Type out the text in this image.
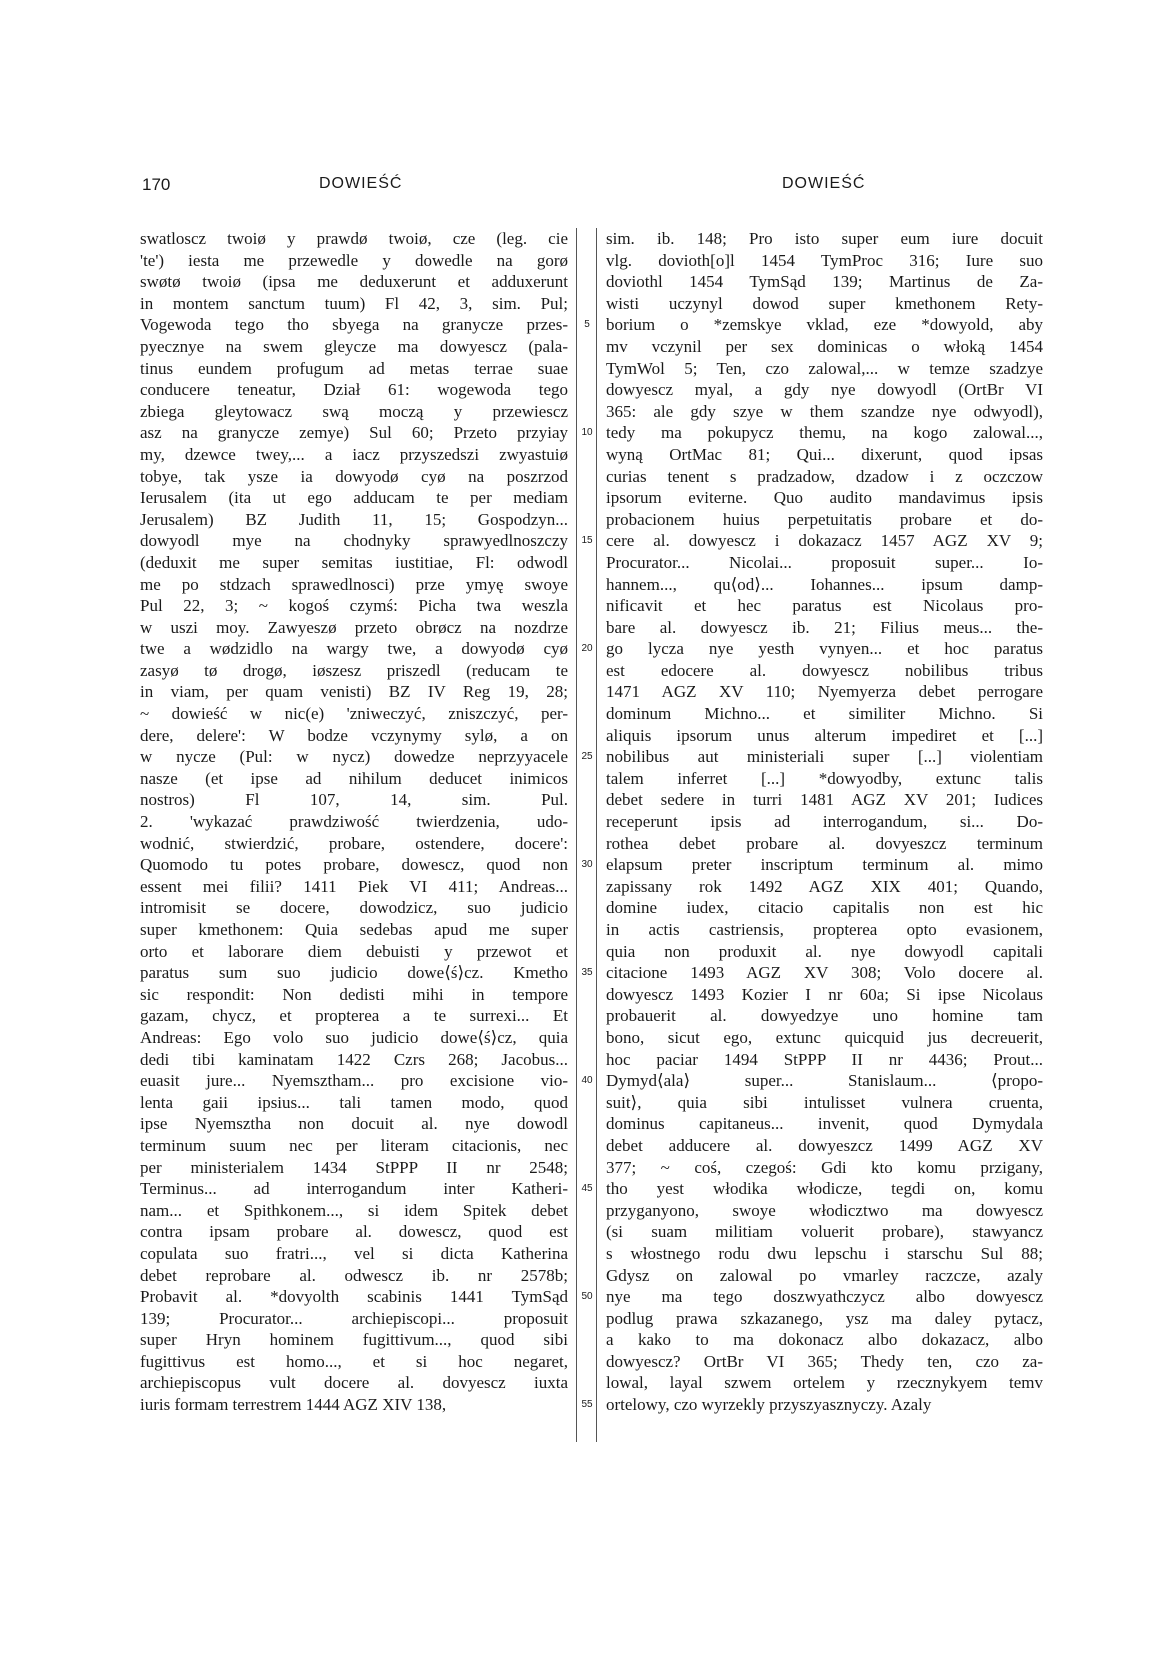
170	DOWIEŚĆ	DOWIEŚĆ
swatloscz twoiø y prawdø twoiø, cze (leg. cie
'te') iesta me przewedle y dowedle na gorø
swøtø twoiø (ipsa me deduxerunt et adduxerunt
in montem sanctum tuum) Fl 42, 3, sim. Pul;
Vogewoda tego tho sbyega na granycze przes-
pyecznye na swem gleycze ma dowyescz (pala-
tinus eundem profugum ad metas terrae suae
conducere teneatur, Dział 61: wogewoda tego
zbiega gleytowacz swą moczą y przewiescz
asz na granycze zemye) Sul 60; Przeto przyiay
my, dzewce twey,... a iacz przyszedszi zwyastuiø
tobye, tak ysze ia dowyodø cyø na poszrzod
Ierusalem (ita ut ego adducam te per mediam
Jerusalem) BZ Judith 11, 15; Gospodzyn...
dowyodl mye na chodnyky sprawyedlnoszczy
(deduxit me super semitas iustitiae, Fl: odwodl
me po stdzach sprawedlnosci) prze ymyę swoye
Pul 22, 3; ~ kogoś czymś: Picha twa weszla
w uszi moy. Zawyeszø przeto obrøcz na nozdrze
twe a wødzidlo na wargy twe, a dowyodø cyø
zasyø tø drogø, iøszesz priszedl (reducam te
in viam, per quam venisti) BZ IV Reg 19, 28;
~ dowieść w nic(e) 'zniweczyć, zniszczyć, per-
dere, delere': W bodze vczynymy sylø, a on
w nycze (Pul: w nycz) dowedze neprzyyacele
nasze (et ipse ad nihilum deducet inimicos
nostros) Fl 107, 14, sim. Pul.
2. 'wykazać prawdziwość twierdzenia, udo-
wodnić, stwierdzić, probare, ostendere, docere':
Quomodo tu potes probare, dowescz, quod non
essent mei filii? 1411 Piek VI 411; Andreas...
intromisit se docere, dowodzicz, suo judicio
super kmethonem: Quia sedebas apud me super
orto et laborare diem debuisti y przewot et
paratus sum suo judicio dowe⟨ś⟩cz. Kmetho
sic respondit: Non dedisti mihi in tempore
gazam, chycz, et propterea a te surrexi... Et
Andreas: Ego volo suo judicio dowe⟨ś⟩cz, quia
dedi tibi kaminatam 1422 Czrs 268; Jacobus...
euasit jure... Nyemsztham... pro excisione vio-
lenta gaii ipsius... tali tamen modo, quod
ipse Nyemsztha non docuit al. nye dowodl
terminum suum nec per literam citacionis, nec
per ministerialem 1434 StPPP II nr 2548;
Terminus... ad interrogandum inter Katheri-
nam... et Spithkonem..., si idem Spitek debet
contra ipsam probare al. dowescz, quod est
copulata suo fratri..., vel si dicta Katherina
debet reprobare al. odwescz ib. nr 2578b;
Probavit al. *dovyolth scabinis 1441 TymSąd
139; Procurator... archiepiscopi... proposuit
super Hryn hominem fugittivum..., quod sibi
fugittivus est homo..., et si hoc negaret,
archiepiscopus vult docere al. dovyescz iuxta
iuris formam terrestrem 1444 AGZ XIV 138,
5
10
15
20
25
30
35
40
45
50
55
sim. ib. 148; Pro isto super eum iure docuit
vlg. dovioth[o]l 1454 TymProc 316; Iure suo
doviothl 1454 TymSąd 139; Martinus de Za-
wisti uczynyl dowod super kmethonem Rety-
borium o *zemskye vklad, eze *dowyold, aby
mv vczynil per sex dominicas o włoką 1454
TymWol 5; Ten, czo zalowal,... w temze szadzye
dowyescz myal, a gdy nye dowyodl (OrtBr VI
365: ale gdy szye w them szandze nye odwyodl),
tedy ma pokupycz themu, na kogo zalowal...,
wyną OrtMac 81; Qui... dixerunt, quod ipsas
curias tenent s pradzadow, dzadow i z oczczow
ipsorum eviterne. Quo audito mandavimus ipsis
probacionem huius perpetuitatis probare et do-
cere al. dowyescz i dokazacz 1457 AGZ XV 9;
Procurator... Nicolai... proposuit super... Io-
hannem..., qu⟨od⟩... Iohannes... ipsum damp-
nificavit et hec paratus est Nicolaus pro-
bare al. dowyescz ib. 21; Filius meus... the-
go lycza nye yesth vynyen... et hoc paratus
est edocere al. dowyescz nobilibus tribus
1471 AGZ XV 110; Nyemyerza debet perrogare
dominum Michno... et similiter Michno. Si
aliquis ipsorum unus alterum impediret et [...]
nobilibus aut ministeriali super [...] violentiam
talem inferret [...] *dowyodby, extunc talis
debet sedere in turri 1481 AGZ XV 201; Iudices
receperunt ipsis ad interrogandum, si... Do-
rothea debet probare al. dovyeszcz terminum
elapsum preter inscriptum terminum al. mimo
zapissany rok 1492 AGZ XIX 401; Quando,
domine iudex, citacio capitalis non est hic
in actis castriensis, propterea opto evasionem,
quia non produxit al. nye dowyodl capitali
citacione 1493 AGZ XV 308; Volo docere al.
dowyescz 1493 Kozier I nr 60a; Si ipse Nicolaus
probauerit al. dowyedzye uno homine tam
bono, sicut ego, extunc quicquid jus decreuerit,
hoc paciar 1494 StPPP II nr 4436; Prout...
Dymyd⟨ala⟩ super... Stanislaum... ⟨propo-
suit⟩, quia sibi intulisset vulnera cruenta,
dominus capitaneus... invenit, quod Dymydala
debet adducere al. dowyeszcz 1499 AGZ XV
377; ~ coś, czegoś: Gdi kto komu przigany,
tho yest włodika włodicze, tegdi on, komu
przyganyono, swoye włodicztwo ma dowyescz
(si suam militiam voluerit probare), stawyancz
s włostnego rodu dwu lepschu i starschu Sul 88;
Gdysz on zalowal po vmarley raczcze, azaly
nye ma tego doszwyathczycz albo dowyescz
podlug prawa szkazanego, ysz ma daley pytacz,
a kako to ma dokonacz albo dokazacz, albo
dowyescz? OrtBr VI 365; Thedy ten, czo za-
lowal, layal szwem ortelem y rzecznykyem temv
ortelowy, czo wyrzekly przyszyasznyczy. Azaly
